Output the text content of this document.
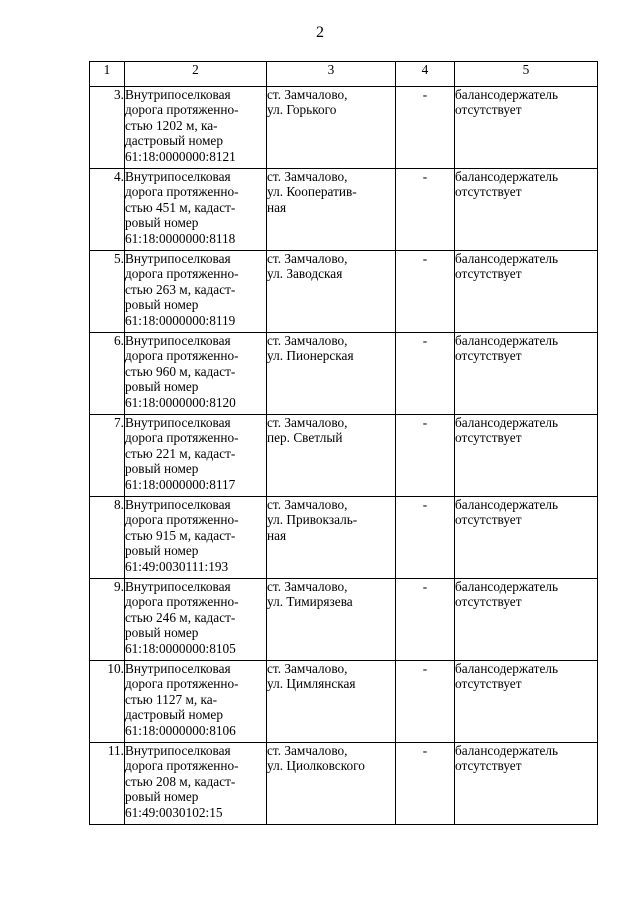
2
1	2	3	4	5
3.	Внутрипоселковая
дорога протяженно-
стью 1202 м, ка-
дастровый номер
61:18:0000000:8121	ст. Замчалово,
ул. Горького	-	балансодержатель
отсутствует

4.	Внутрипоселковая
дорога протяженно-
стью 451 м, кадаст-
ровый номер
61:18:0000000:8118	ст. Замчалово,
ул. Кооператив-
ная	-	балансодержатель
отсутствует

5.	Внутрипоселковая
дорога протяженно-
стью 263 м, кадаст-
ровый номер
61:18:0000000:8119	ст. Замчалово,
ул. Заводская	-	балансодержатель
отсутствует

6.	Внутрипоселковая
дорога протяженно-
стью 960 м, кадаст-
ровый номер
61:18:0000000:8120	ст. Замчалово,
ул. Пионерская	-	балансодержатель
отсутствует

7.	Внутрипоселковая
дорога протяженно-
стью 221 м, кадаст-
ровый номер
61:18:0000000:8117	ст. Замчалово,
пер. Светлый	-	балансодержатель
отсутствует

8.	Внутрипоселковая
дорога протяженно-
стью 915 м, кадаст-
ровый номер
61:49:0030111:193	ст. Замчалово,
ул. Привокзаль-
ная	-	балансодержатель
отсутствует

9.	Внутрипоселковая
дорога протяженно-
стью 246 м, кадаст-
ровый номер
61:18:0000000:8105	ст. Замчалово,
ул. Тимирязева	-	балансодержатель
отсутствует

10.	Внутрипоселковая
дорога протяженно-
стью 1127 м, ка-
дастровый номер
61:18:0000000:8106	ст. Замчалово,
ул. Цимлянская	-	балансодержатель
отсутствует

11.	Внутрипоселковая
дорога протяженно-
стью 208 м, кадаст-
ровый номер
61:49:0030102:15	ст. Замчалово,
ул. Циолковского	-	балансодержатель
отсутствует
